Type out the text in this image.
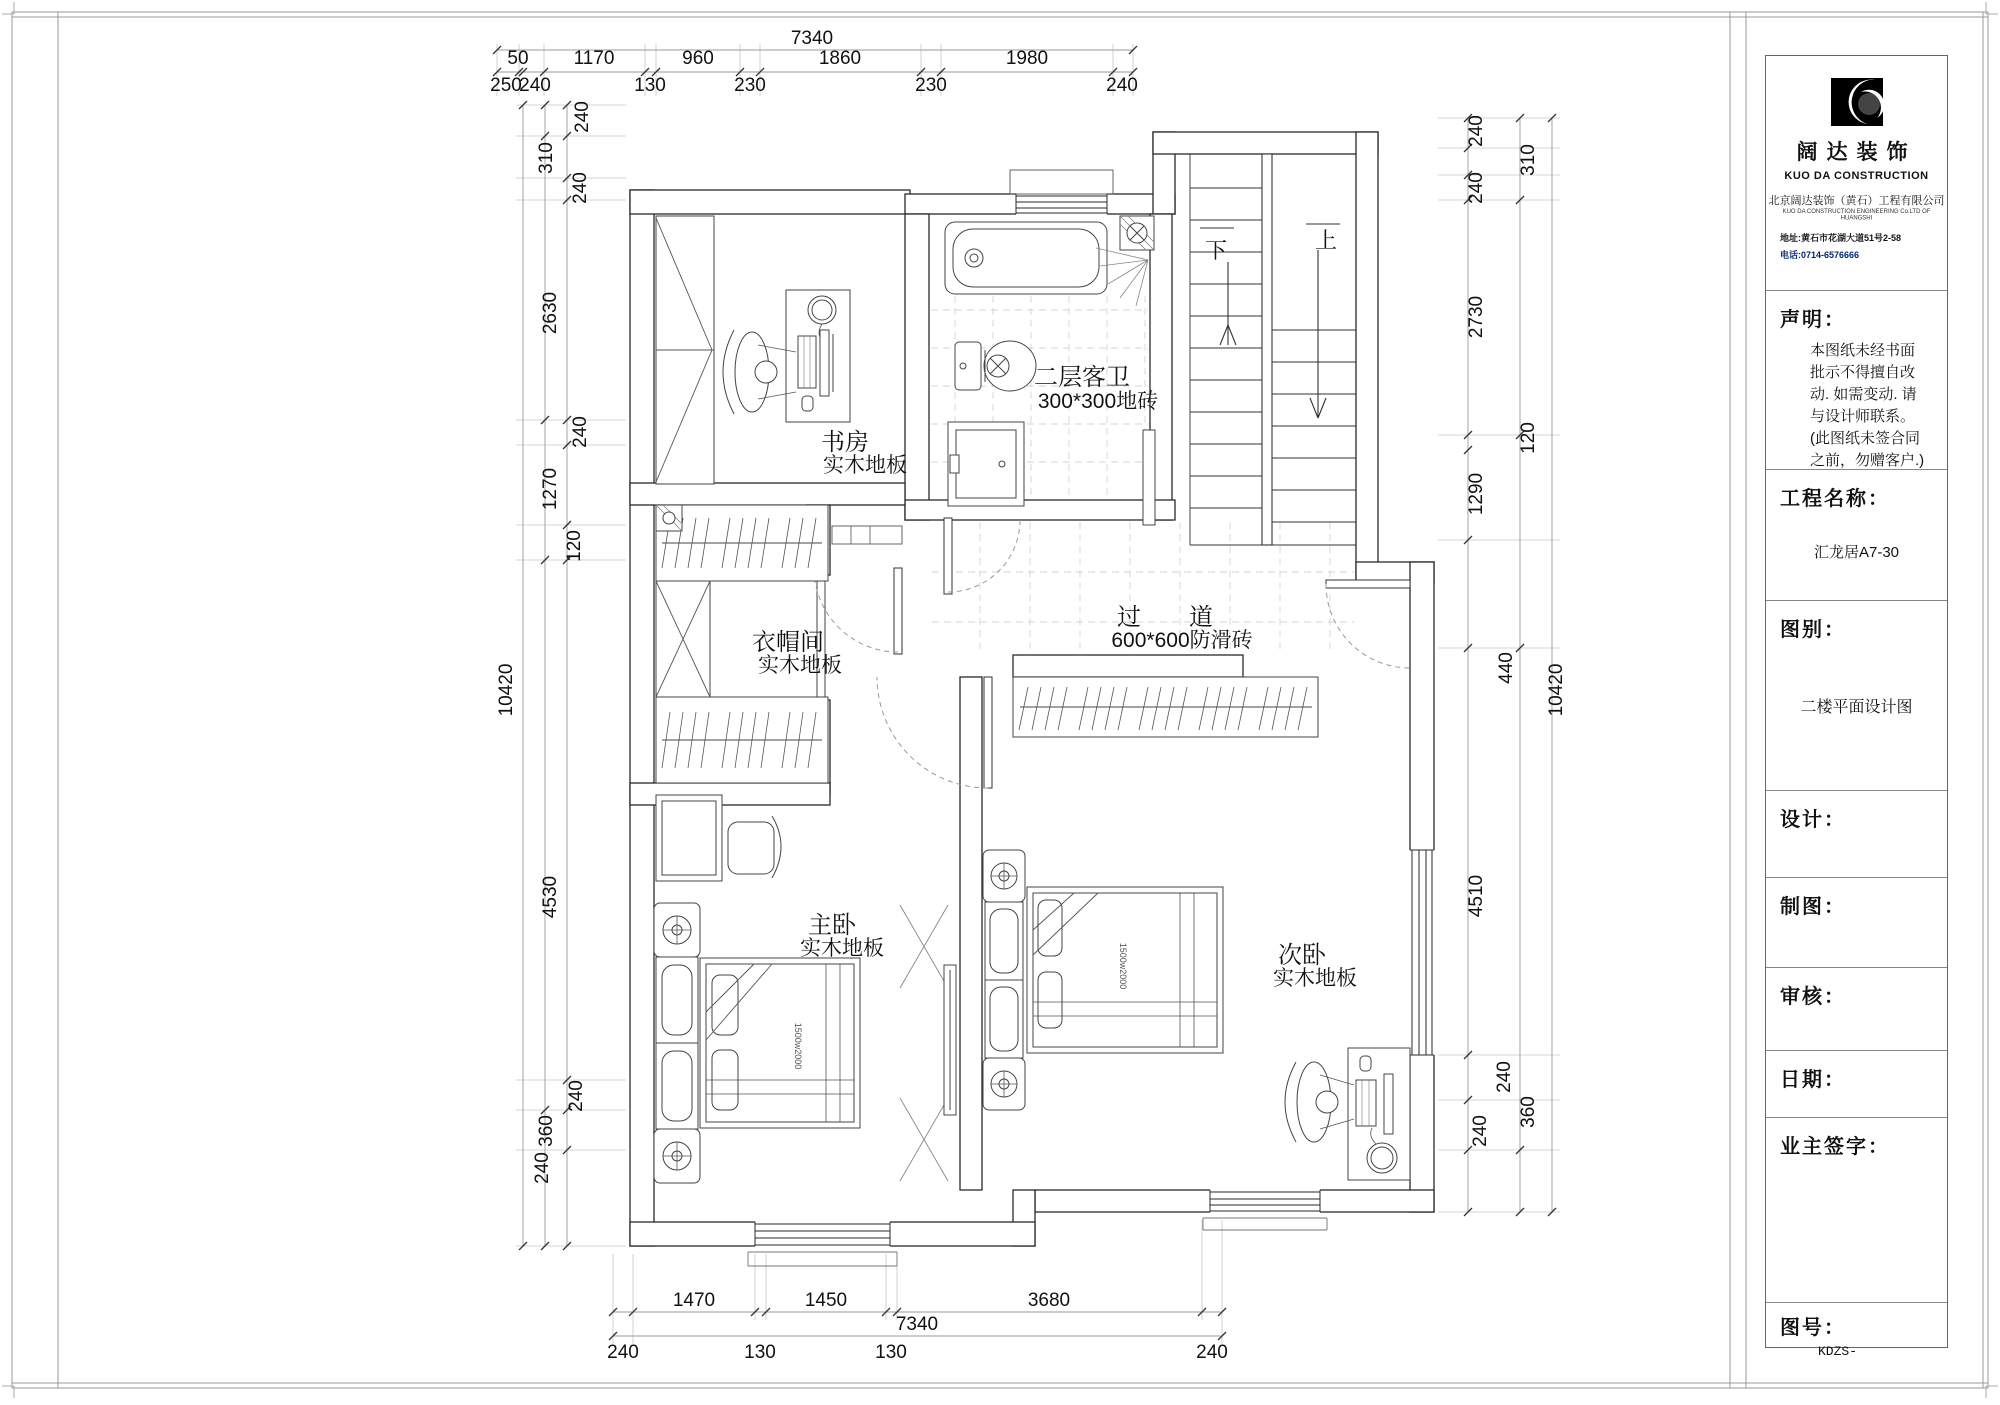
7340
50 1170	960	1860	1980
250
240	130	230	230	240
1470	1450	3680
7340
240	130	130	240
240
310
240
2630
240
1270
120
4530
240
360
240
10420
240
310
240
2730
120
1290
440
4510
240
360
240
10420
下	上
1500w2000
1500w2000
书房
实木地板
二层客卫
300*300地砖
衣帽间
实木地板
过　　道
600*600防滑砖
主卧
实木地板	次卧
实木地板
阔达装饰
KUO DA CONSTRUCTION
北京阔达装饰（黄石）工程有限公司
KUO DA CONSTRUCTION ENGINEERING Co.LTD OF HUANGSHI
地址:黄石市花湖大道51号2-58
电话:0714-6576666
声明：
本图纸未经书面
批示不得擅自改
动. 如需变动. 请
与设计师联系。
(此图纸未签合同
之前，勿赠客户.)
工程名称：
汇龙居A7-30
图别：
二楼平面设计图
设计：
制图：
审核：
日期：
业主签字：
图号：
KDZS-
